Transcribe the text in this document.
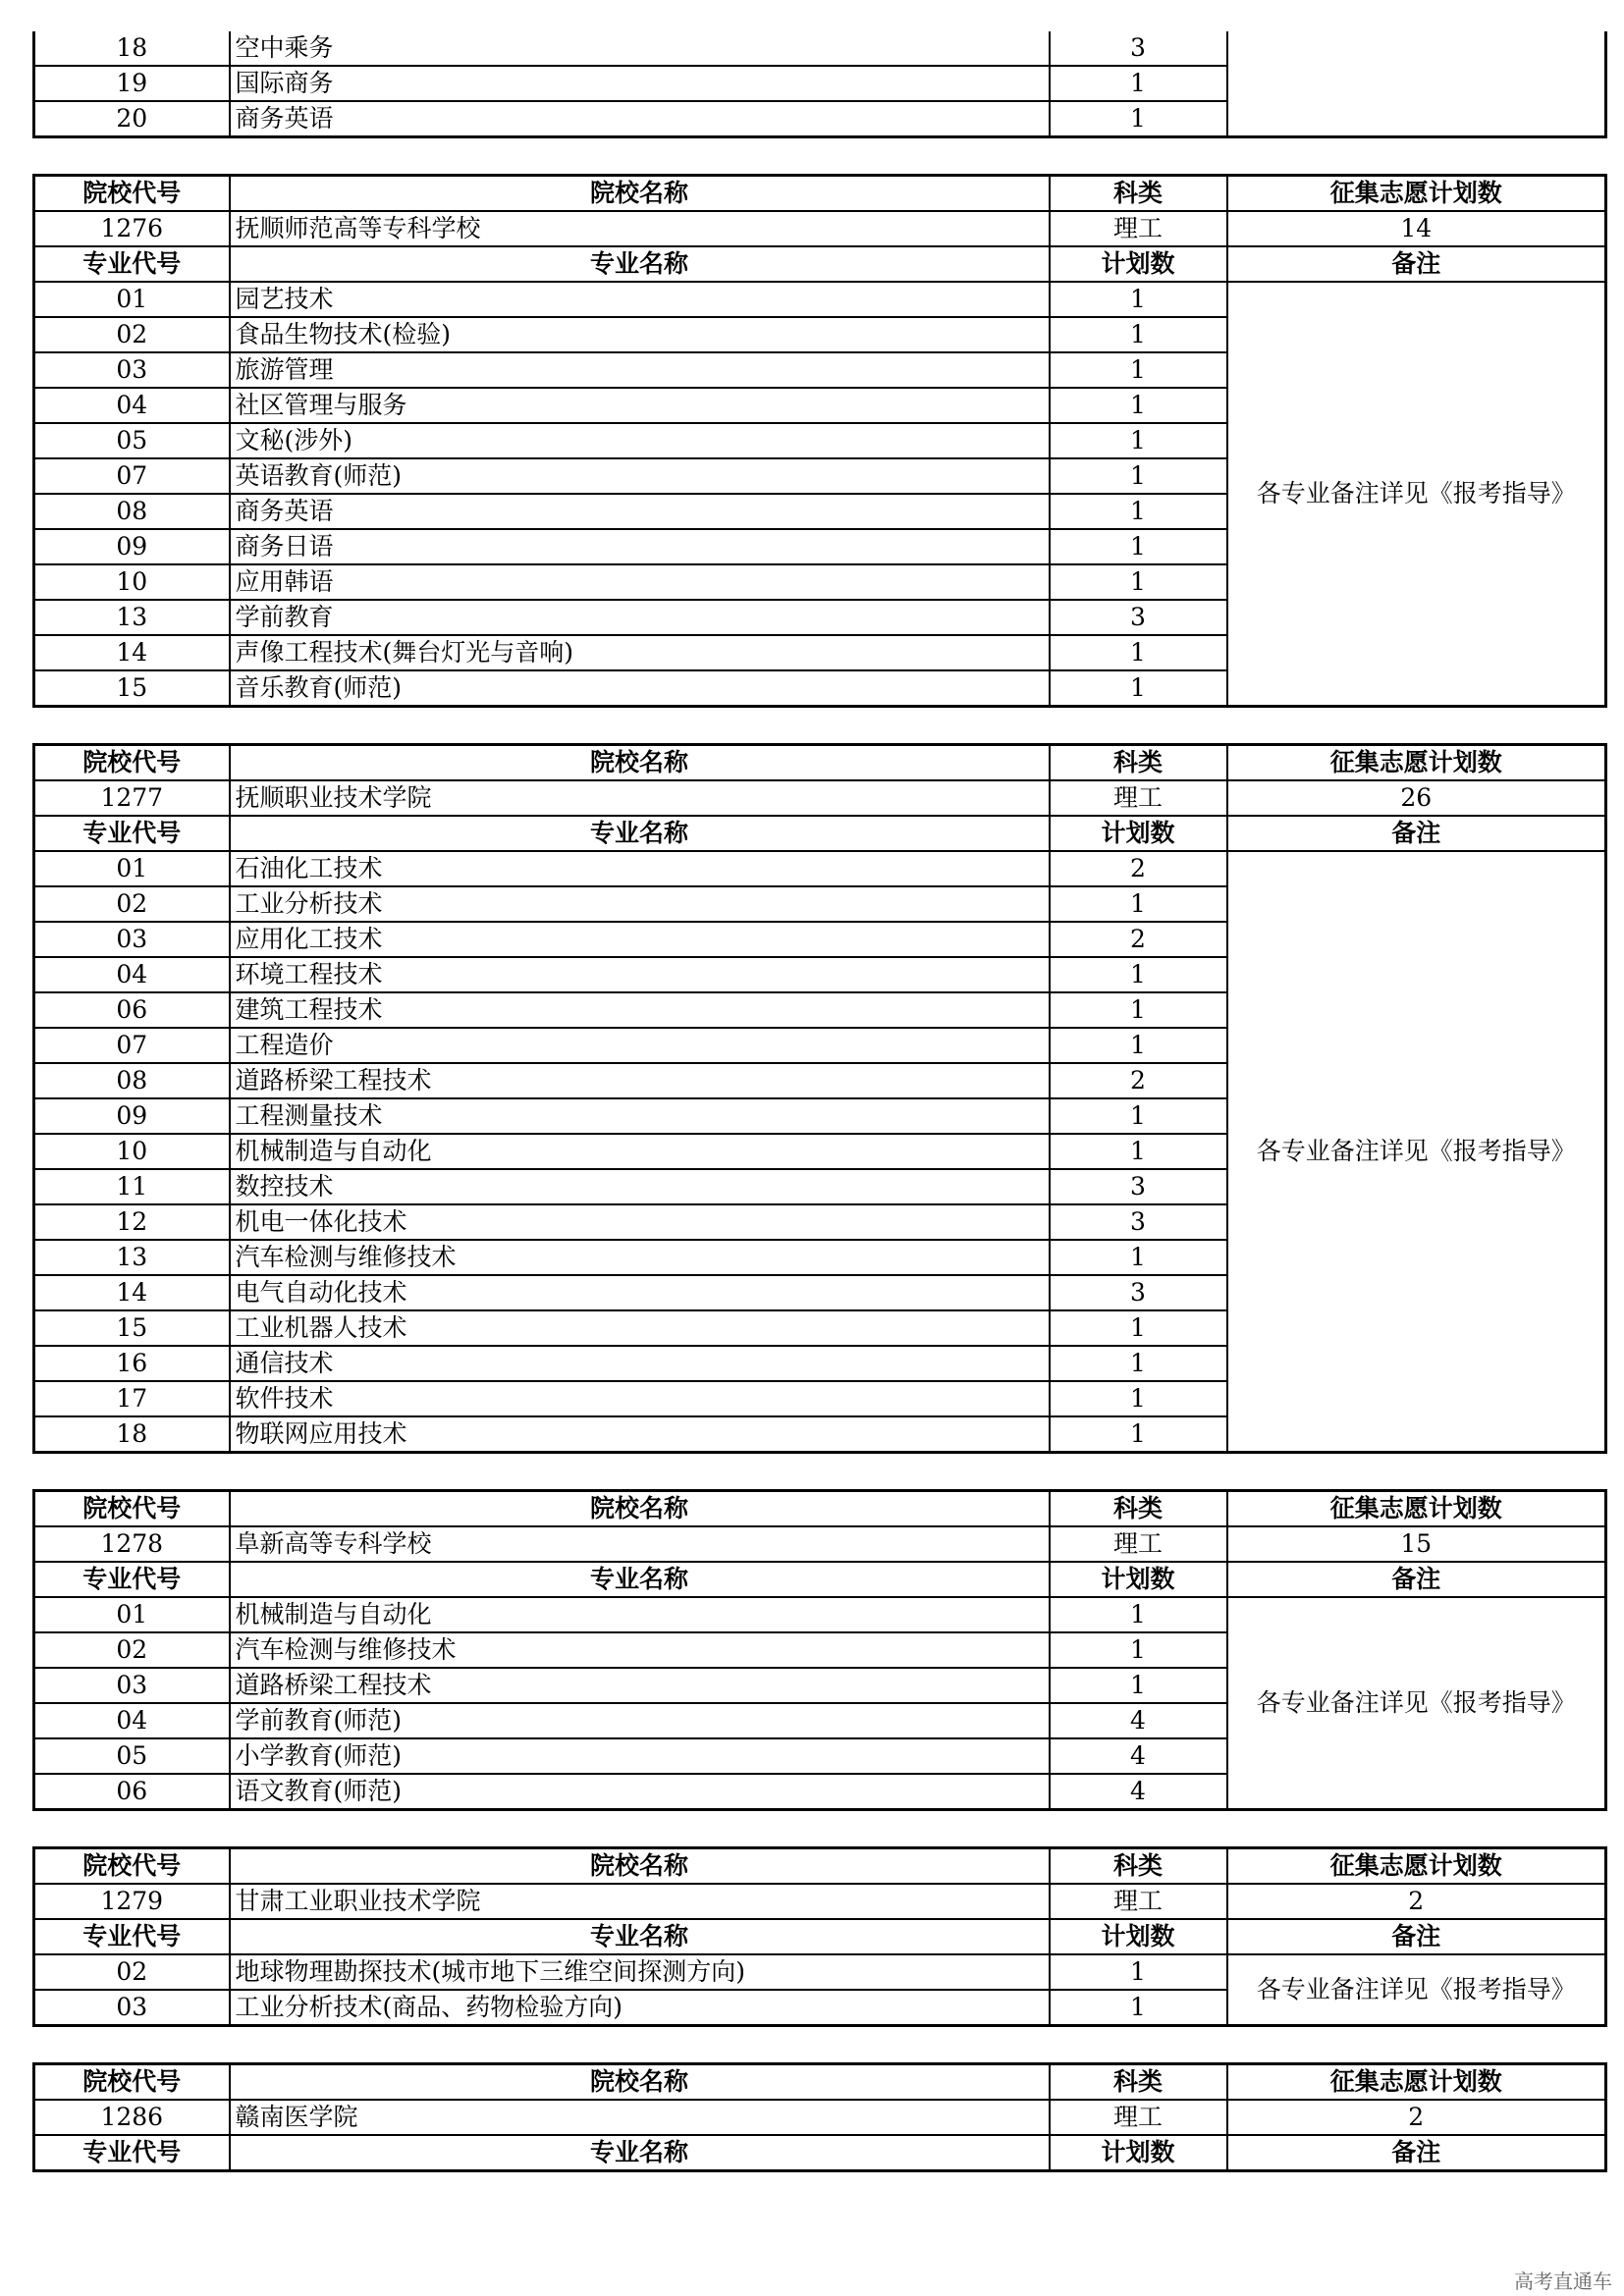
18	空中乘务	3	
19	国际商务	1	
20	商务英语	1	
院校代号	院校名称	科类	征集志愿计划数
1276	抚顺师范高等专科学校	理工	14
专业代号	专业名称	计划数	备注
01	园艺技术	1	各专业备注详见《报考指导》
02	食品生物技术(检验)	1	
03	旅游管理	1	
04	社区管理与服务	1	
05	文秘(涉外)	1	
07	英语教育(师范)	1	
08	商务英语	1	
09	商务日语	1	
10	应用韩语	1	
13	学前教育	3	
14	声像工程技术(舞台灯光与音响)	1	
15	音乐教育(师范)	1	
院校代号	院校名称	科类	征集志愿计划数
1277	抚顺职业技术学院	理工	26
专业代号	专业名称	计划数	备注
01	石油化工技术	2	各专业备注详见《报考指导》
02	工业分析技术	1	
03	应用化工技术	2	
04	环境工程技术	1	
06	建筑工程技术	1	
07	工程造价	1	
08	道路桥梁工程技术	2	
09	工程测量技术	1	
10	机械制造与自动化	1	
11	数控技术	3	
12	机电一体化技术	3	
13	汽车检测与维修技术	1	
14	电气自动化技术	3	
15	工业机器人技术	1	
16	通信技术	1	
17	软件技术	1	
18	物联网应用技术	1	
院校代号	院校名称	科类	征集志愿计划数
1278	阜新高等专科学校	理工	15
专业代号	专业名称	计划数	备注
01	机械制造与自动化	1	各专业备注详见《报考指导》
02	汽车检测与维修技术	1	
03	道路桥梁工程技术	1	
04	学前教育(师范)	4	
05	小学教育(师范)	4	
06	语文教育(师范)	4	
院校代号	院校名称	科类	征集志愿计划数
1279	甘肃工业职业技术学院	理工	2
专业代号	专业名称	计划数	备注
02	地球物理勘探技术(城市地下三维空间探测方向)	1	各专业备注详见《报考指导》
03	工业分析技术(商品、药物检验方向)	1	
院校代号	院校名称	科类	征集志愿计划数
1286	赣南医学院	理工	2
专业代号	专业名称	计划数	备注
高考直通车
